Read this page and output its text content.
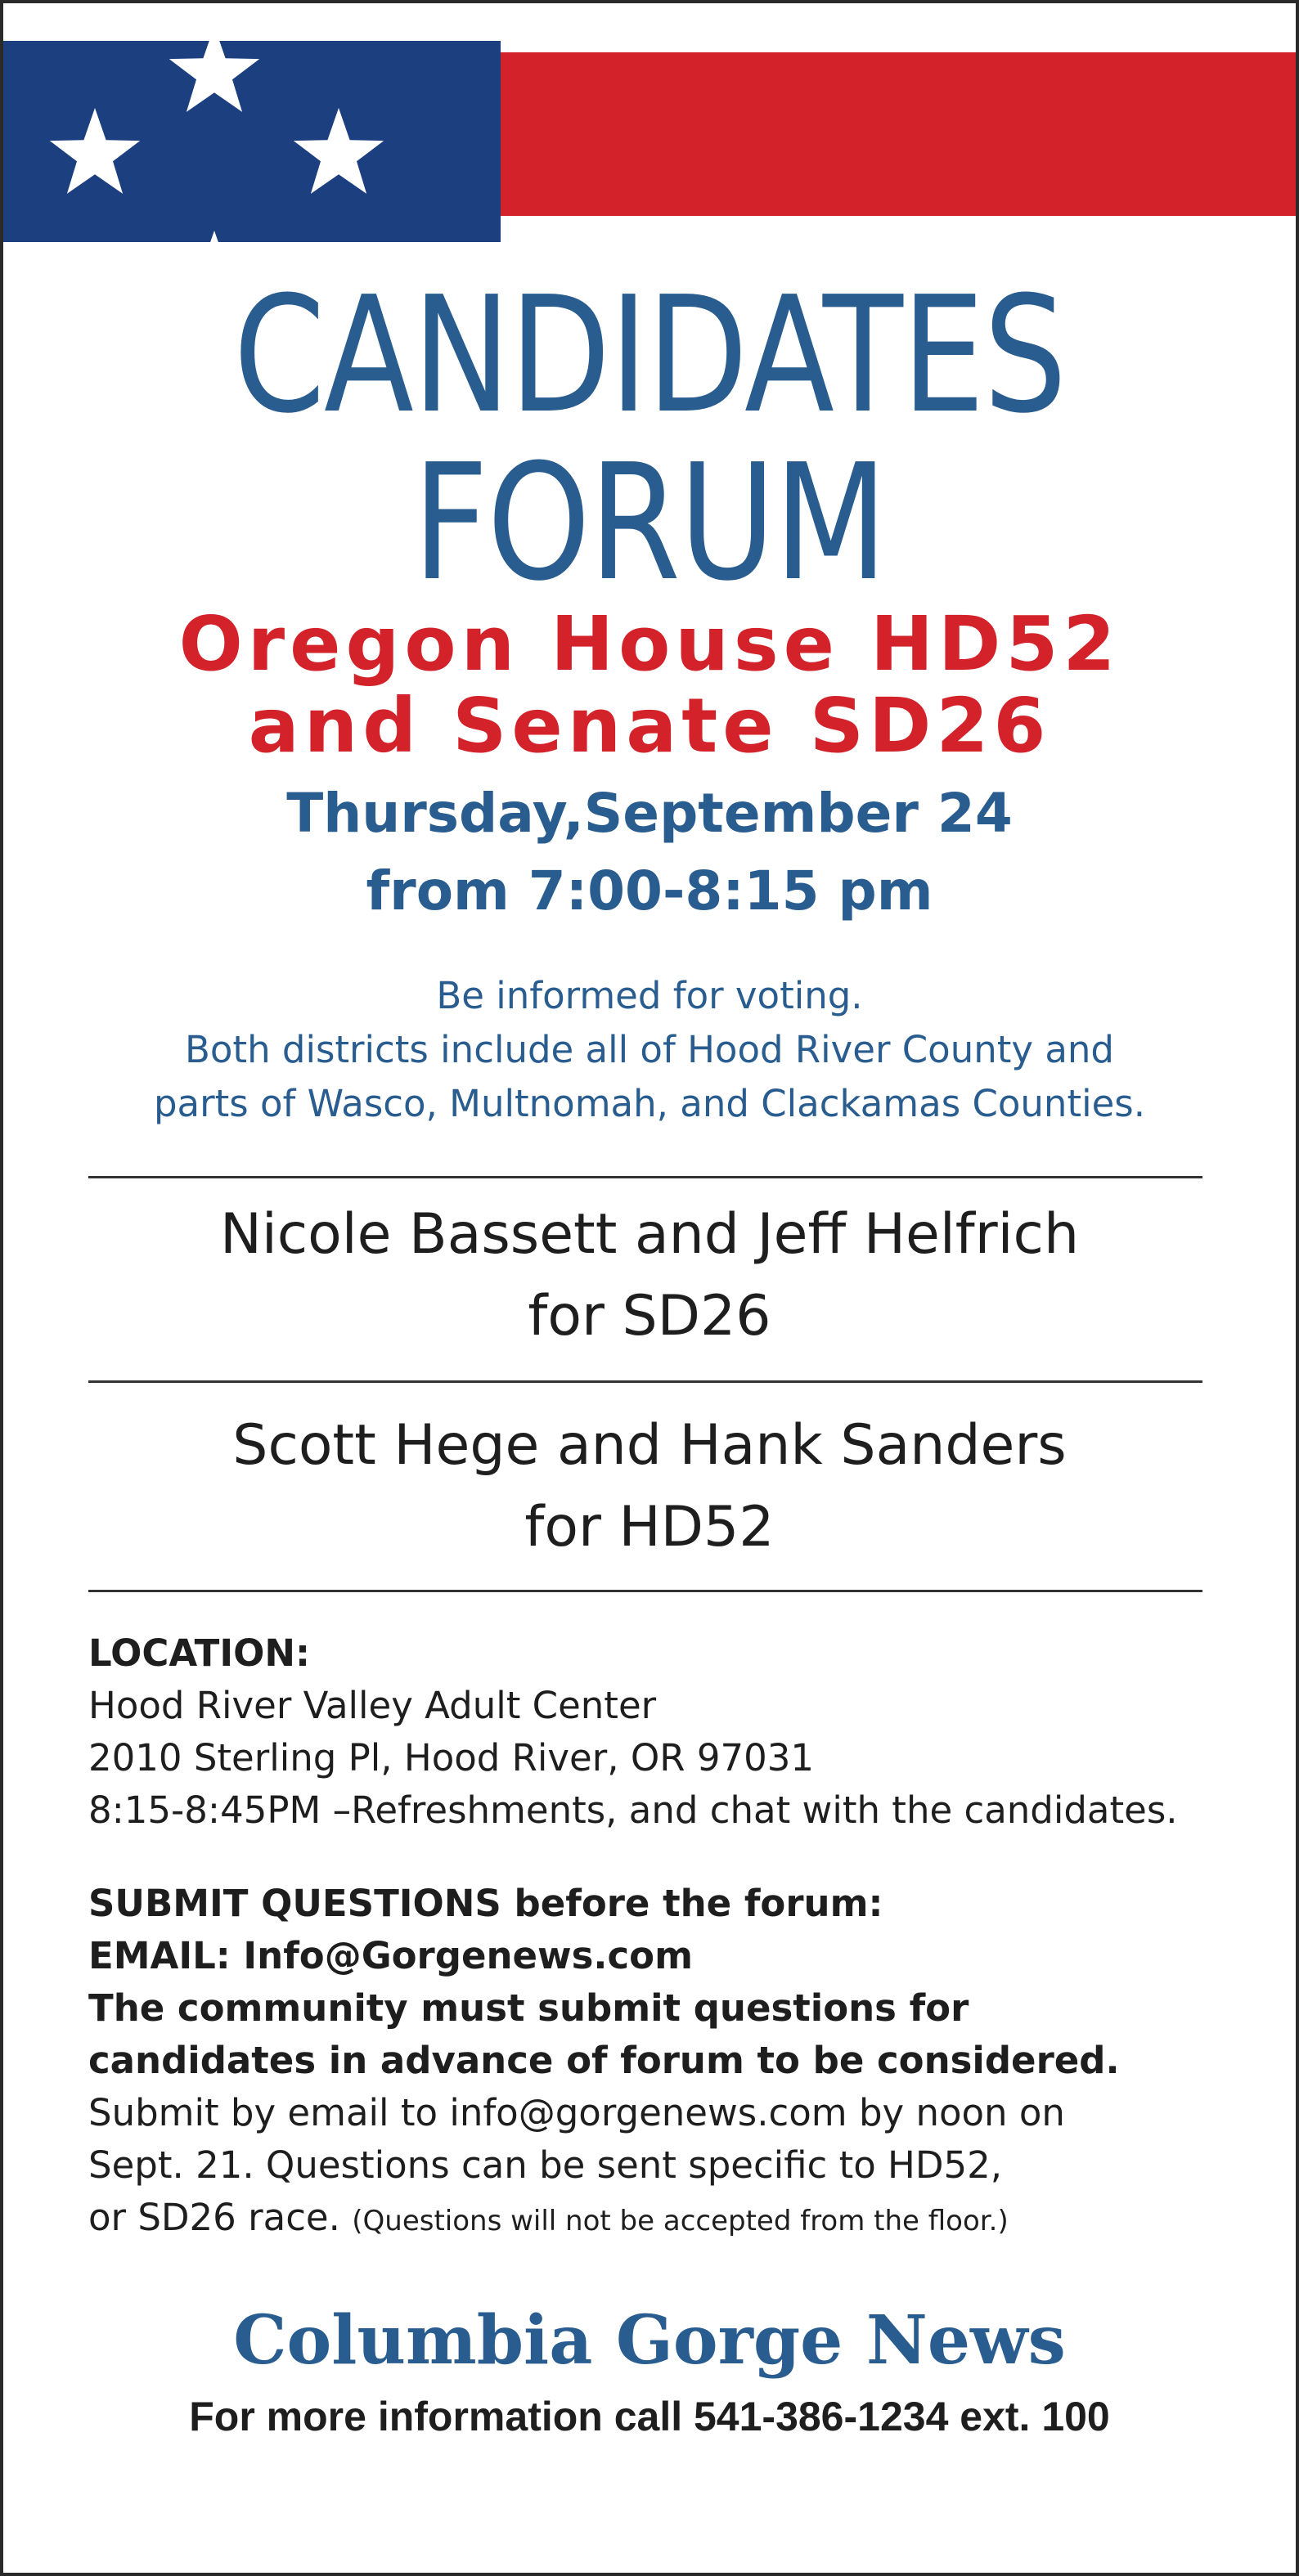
CANDIDATES
FORUM
Oregon House HD52
and Senate SD26

Thursday,September 24

from 7:00-8:15 pm

Be informed for voting.

Both districts include all of Hood River County and

parts of Wasco, Multnomah, and Clackamas Counties.

Nicole Bassett and Jeff Helfrich

for SD26

Scott Hege and Hank Sanders

for HD52

LOCATION:

Hood River Valley Adult Center

2010 Sterling Pl, Hood River, OR 97031

8:15-8:45PM –Refreshments, and chat with the candidates.

SUBMIT QUESTIONS before the forum:

EMAIL: Info@Gorgenews.com

The community must submit questions for

candidates in advance of forum to be considered.

Submit by email to info@gorgenews.com by noon on

Sept. 21. Questions can be sent specific to HD52,

or SD26 race. (Questions will not be accepted from the floor.)

Columbia Gorge News

For more information call 541-386-1234 ext. 100
